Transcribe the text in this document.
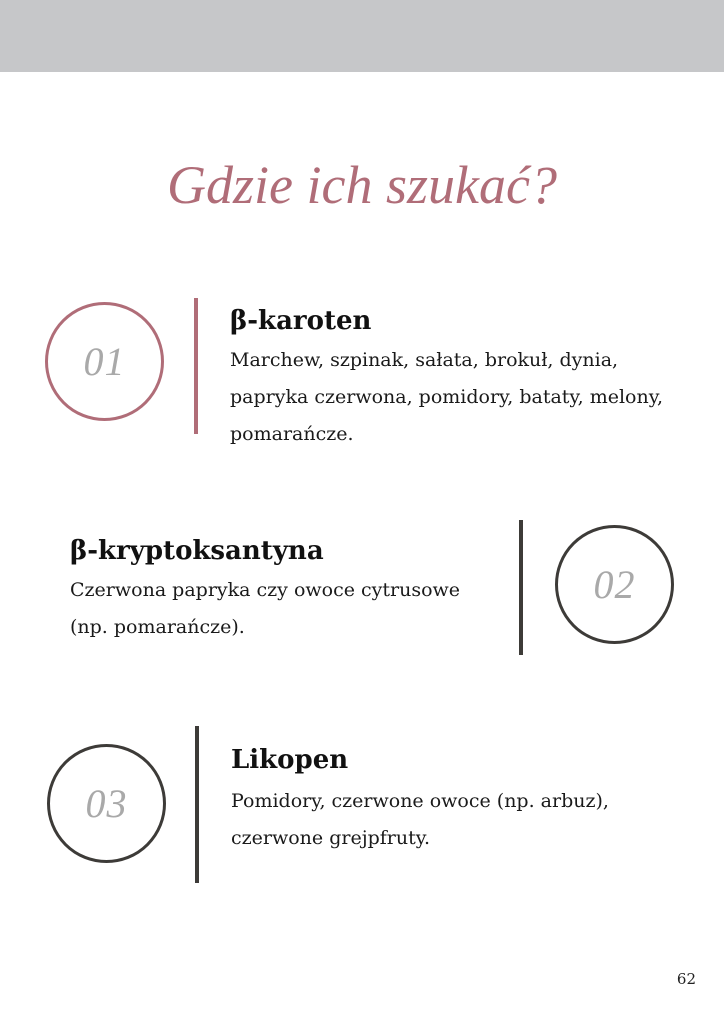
Gdzie ich szukać?
01
β-karoten
Marchew, szpinak, sałata, brokuł, dynia, papryka czerwona, pomidory, bataty, melony, pomarańcze.
β-kryptoksantyna
Czerwona papryka czy owoce cytrusowe (np. pomarańcze).
02
03
Likopen
Pomidory, czerwone owoce (np. arbuz), czerwone grejpfruty.
62
